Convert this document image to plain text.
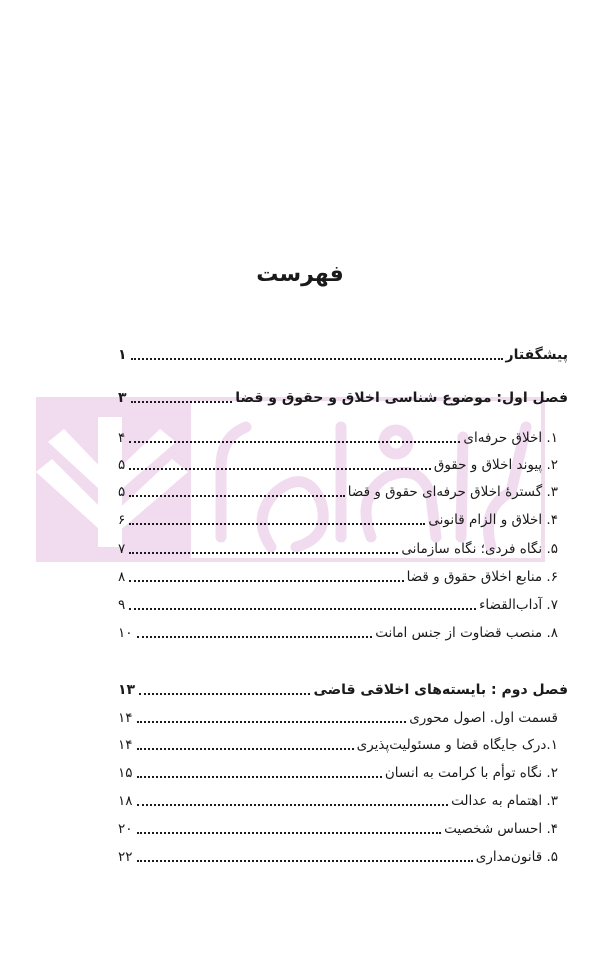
فهرست
پیشگفتار
۱
فصل اول: موضوع شناسی اخلاق و حقوق و قضا
۳
۱. اخلاق حرفه‌ای
۴
۲. پیوند اخلاق و حقوق
۵
۳. گسترهٔ اخلاق حرفه‌ای حقوق و قضا
۵
۴. اخلاق و الزام قانونی
۶
۵. نگاه فردی؛ نگاه سازمانی
۷
۶. منابع اخلاق حقوق و قضا
۸
۷. آداب‌القضاء
۹
۸. منصب قضاوت از جنس امانت
۱۰
فصل دوم : بایسته‌های اخلاقی قاضی
۱۳
قسمت اول. اصول محوری
۱۴
۱.درک جایگاه قضا و مسئولیت‌پذیری
۱۴
۲. نگاه توأم با کرامت به انسان
۱۵
۳. اهتمام به عدالت
۱۸
۴. احساس شخصیت
۲۰
۵. قانون‌مداری
۲۲
